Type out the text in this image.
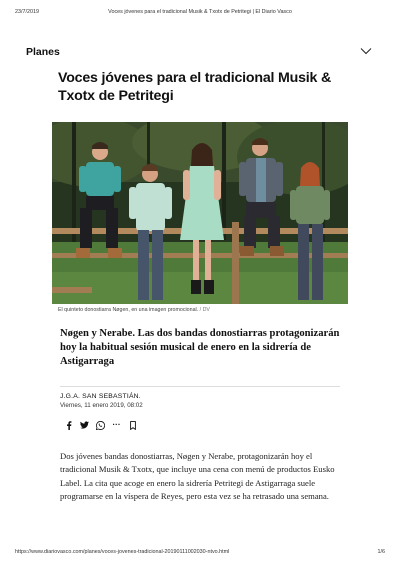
23/7/2019	Voces jóvenes para el tradicional Musik & Txotx de Petritegi | El Diario Vasco
Planes
Voces jóvenes para el tradicional Musik & Txotx de Petritegi
El quinteto donostiarra Nøgen, en una imagen promocional. / DV
Nøgen y Nerabe. Las dos bandas donostiarras protagonizarán hoy la habitual sesión musical de enero en la sidrería de Astigarraga
J.G.A. SAN SEBASTIÁN.
Viernes, 11 enero 2019, 08:02
···

Dos jóvenes bandas donostiarras, Nøgen y Nerabe, protagonizarán hoy el tradicional Musik & Txotx, que incluye una cena con menú de productos Eusko Label. La cita que acoge en enero la sidrería Petritegi de Astigarraga suele programarse en la víspera de Reyes, pero esta vez se ha retrasado una semana.

https://www.diariovasco.com/planes/voces-jovenes-tradicional-20190111002030-ntvo.html	1/6
